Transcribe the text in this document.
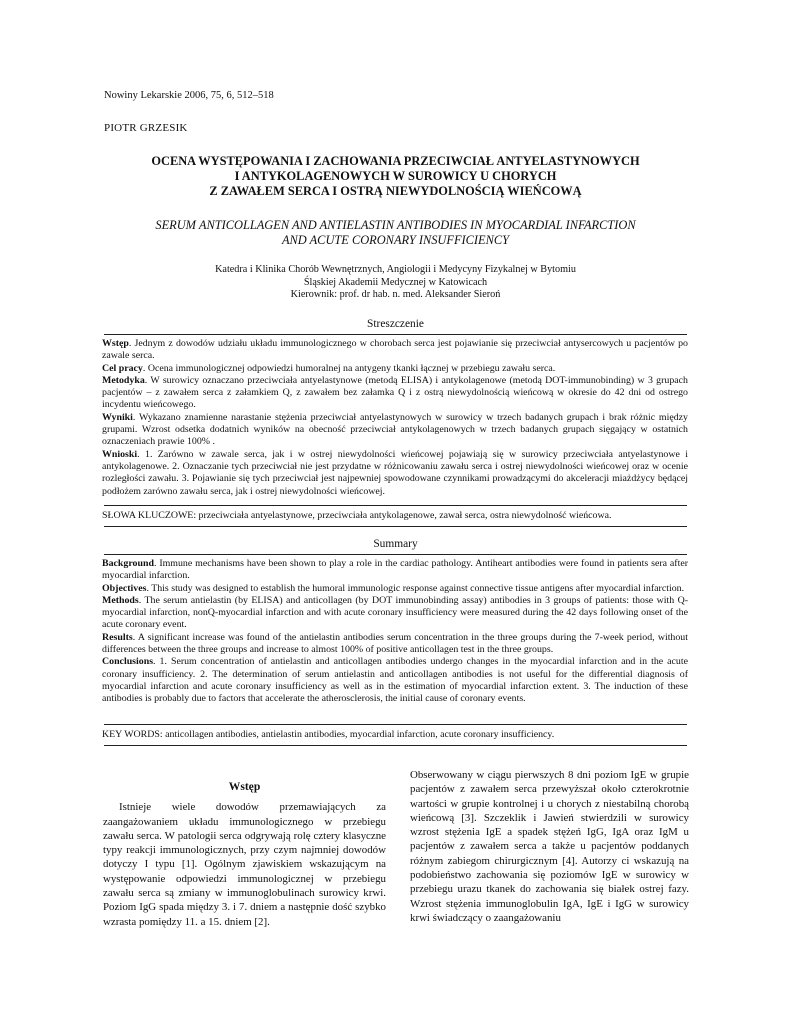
Nowiny Lekarskie 2006, 75, 6, 512–518
PIOTR GRZESIK
OCENA WYSTĘPOWANIA I ZACHOWANIA PRZECIWCIAŁ ANTYELASTYNOWYCH
I ANTYKOLAGENOWYCH W SUROWICY U CHORYCH
Z ZAWAŁEM SERCA I OSTRĄ NIEWYDOLNOŚCIĄ WIEŃCOWĄ
SERUM ANTICOLLAGEN AND ANTIELASTIN ANTIBODIES IN MYOCARDIAL INFARCTION
AND ACUTE CORONARY INSUFFICIENCY
Katedra i Klinika Chorób Wewnętrznych, Angiologii i Medycyny Fizykalnej w Bytomiu
Śląskiej Akademii Medycznej w Katowicach
Kierownik: prof. dr hab. n. med. Aleksander Sieroń
Streszczenie

Wstęp. Jednym z dowodów udziału układu immunologicznego w chorobach serca jest pojawianie się przeciwciał antysercowych u pacjentów po zawale serca.

Cel pracy. Ocena immunologicznej odpowiedzi humoralnej na antygeny tkanki łącznej w przebiegu zawału serca.

Metodyka. W surowicy oznaczano przeciwciała antyelastynowe (metodą ELISA) i antykolagenowe (metodą DOT-immunobinding) w 3 grupach pacjentów – z zawałem serca z załamkiem Q, z zawałem bez załamka Q i z ostrą niewydolnością wieńcową w okresie do 42 dni od ostrego incydentu wieńcowego.

Wyniki. Wykazano znamienne narastanie stężenia przeciwciał antyelastynowych w surowicy w trzech badanych grupach i brak różnic między grupami. Wzrost odsetka dodatnich wyników na obecność przeciwciał antykolagenowych w trzech badanych grupach sięgający w ostatnich oznaczeniach prawie 100% .

Wnioski. 1. Zarówno w zawale serca, jak i w ostrej niewydolności wieńcowej pojawiają się w surowicy przeciwciała antyelastynowe i antykolagenowe. 2. Oznaczanie tych przeciwciał nie jest przydatne w różnicowaniu zawału serca i ostrej niewydolności wieńcowej oraz w ocenie rozległości zawału. 3. Pojawianie się tych przeciwciał jest najpewniej spowodowane czynnikami prowadzącymi do akceleracji miażdżycy będącej podłożem zarówno zawału serca, jak i ostrej niewydolności wieńcowej.

SŁOWA KLUCZOWE: przeciwciała antyelastynowe, przeciwciała antykolagenowe, zawał serca, ostra niewydolność wieńcowa.
Summary

Background. Immune mechanisms have been shown to play a role in the cardiac pathology. Antiheart antibodies were found in patients sera after myocardial infarction.

Objectives. This study was designed to establish the humoral immunologic response against connective tissue antigens after myocardial infarction.

Methods. The serum antielastin (by ELISA) and anticollagen (by DOT immunobinding assay) antibodies in 3 groups of patients: those with Q-myocardial infarction, nonQ-myocardial infarction and with acute coronary insufficiency were measured during the 42 days following onset of the acute coronary event.

Results. A significant increase was found of the antielastin antibodies serum concentration in the three groups during the 7-week period, without differences between the three groups and increase to almost 100% of positive anticollagen test in the three groups.

Conclusions. 1. Serum concentration of antielastin and anticollagen antibodies undergo changes in the myocardial infarction and in the acute coronary insufficiency. 2. The determination of serum antielastin and anticollagen antibodies is not useful for the differential diagnosis of myocardial infarction and acute coronary insufficiency as well as in the estimation of myocardial infarction extent. 3. The induction of these antibodies is probably due to factors that accelerate the atherosclerosis, the initial cause of coronary events.

KEY WORDS: anticollagen antibodies, antielastin antibodies, myocardial infarction, acute coronary insufficiency.

Wstęp

Istnieje wiele dowodów przemawiających za zaangażowaniem układu immunologicznego w przebiegu zawału serca. W patologii serca odgrywają rolę cztery klasyczne typy reakcji immunologicznych, przy czym najmniej dowodów dotyczy I typu [1]. Ogólnym zjawiskiem wskazującym na występowanie odpowiedzi immunologicznej w przebiegu zawału serca są zmiany w immunoglobulinach surowicy krwi. Poziom IgG spada między 3. i 7. dniem a następnie dość szybko wzrasta pomiędzy 11. a 15. dniem [2].

Obserwowany w ciągu pierwszych 8 dni poziom IgE w grupie pacjentów z zawałem serca przewyższał około czterokrotnie wartości w grupie kontrolnej i u chorych z niestabilną chorobą wieńcową [3]. Szczeklik i Jawień stwierdzili w surowicy wzrost stężenia IgE a spadek stężeń IgG, IgA oraz IgM u pacjentów z zawałem serca a także u pacjentów poddanych różnym zabiegom chirurgicznym [4]. Autorzy ci wskazują na podobieństwo zachowania się poziomów IgE w surowicy w przebiegu urazu tkanek do zachowania się białek ostrej fazy. Wzrost stężenia immunoglobulin IgA, IgE i IgG w surowicy krwi świadczący o zaangażowaniu
